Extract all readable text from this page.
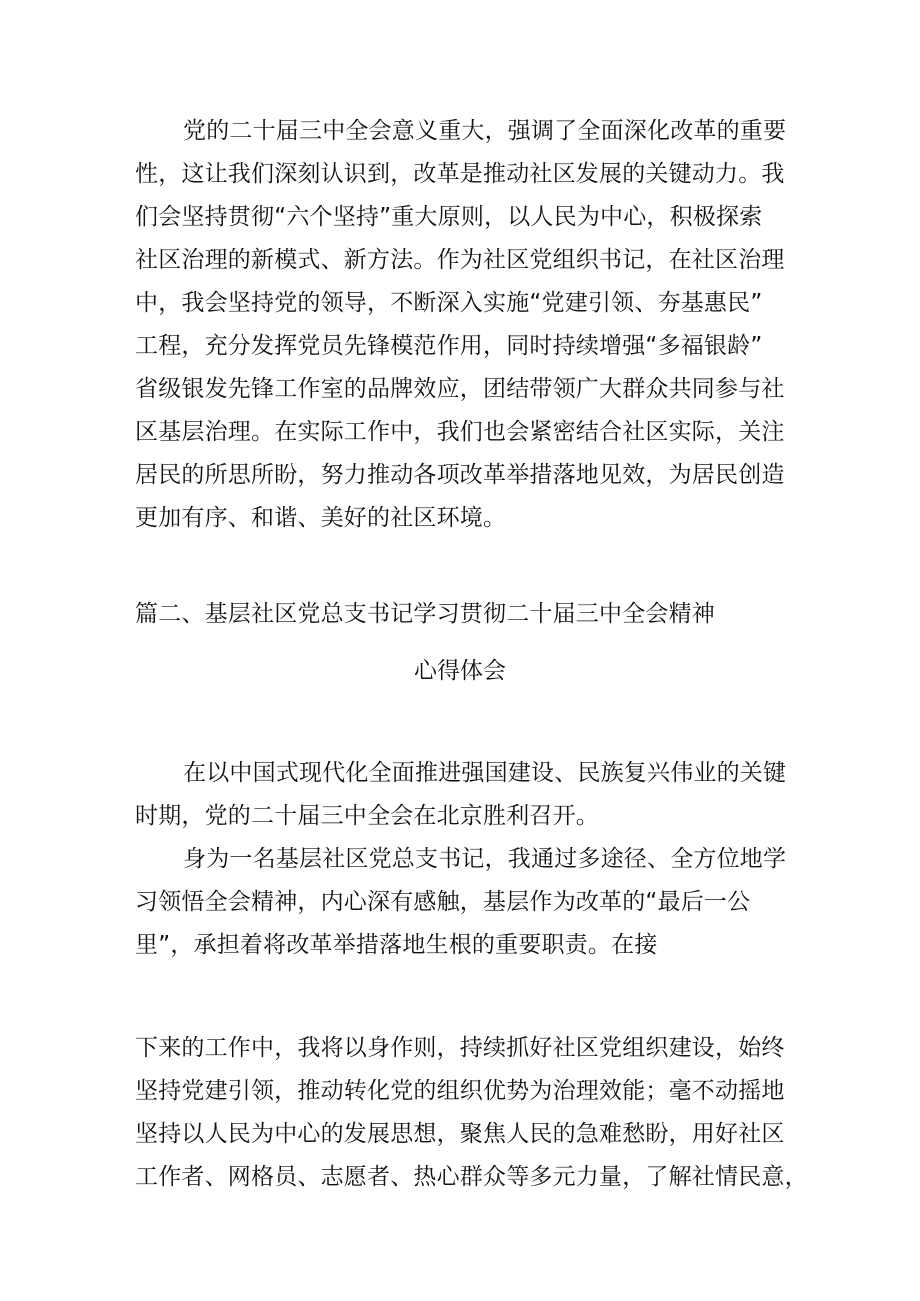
党的二十届三中全会意义重大，强调了全面深化改革的重要
性，这让我们深刻认识到，改革是推动社区发展的关键动力。我
们会坚持贯彻“六个坚持”重大原则，以人民为中心，积极探索
社区治理的新模式、新方法。作为社区党组织书记，在社区治理
中，我会坚持党的领导，不断深入实施“党建引领、夯基惠民”
工程，充分发挥党员先锋模范作用，同时持续增强“多福银龄”
省级银发先锋工作室的品牌效应，团结带领广大群众共同参与社
区基层治理。在实际工作中，我们也会紧密结合社区实际，关注
居民的所思所盼，努力推动各项改革举措落地见效，为居民创造
更加有序、和谐、美好的社区环境。
篇二、基层社区党总支书记学习贯彻二十届三中全会精神
心得体会
在以中国式现代化全面推进强国建设、民族复兴伟业的关键
时期，党的二十届三中全会在北京胜利召开。
身为一名基层社区党总支书记，我通过多途径、全方位地学
习领悟全会精神，内心深有感触，基层作为改革的“最后一公
里”，承担着将改革举措落地生根的重要职责。在接
下来的工作中，我将以身作则，持续抓好社区党组织建设，始终
坚持党建引领，推动转化党的组织优势为治理效能；毫不动摇地
坚持以人民为中心的发展思想，聚焦人民的急难愁盼，用好社区
工作者、网格员、志愿者、热心群众等多元力量，了解社情民意，
